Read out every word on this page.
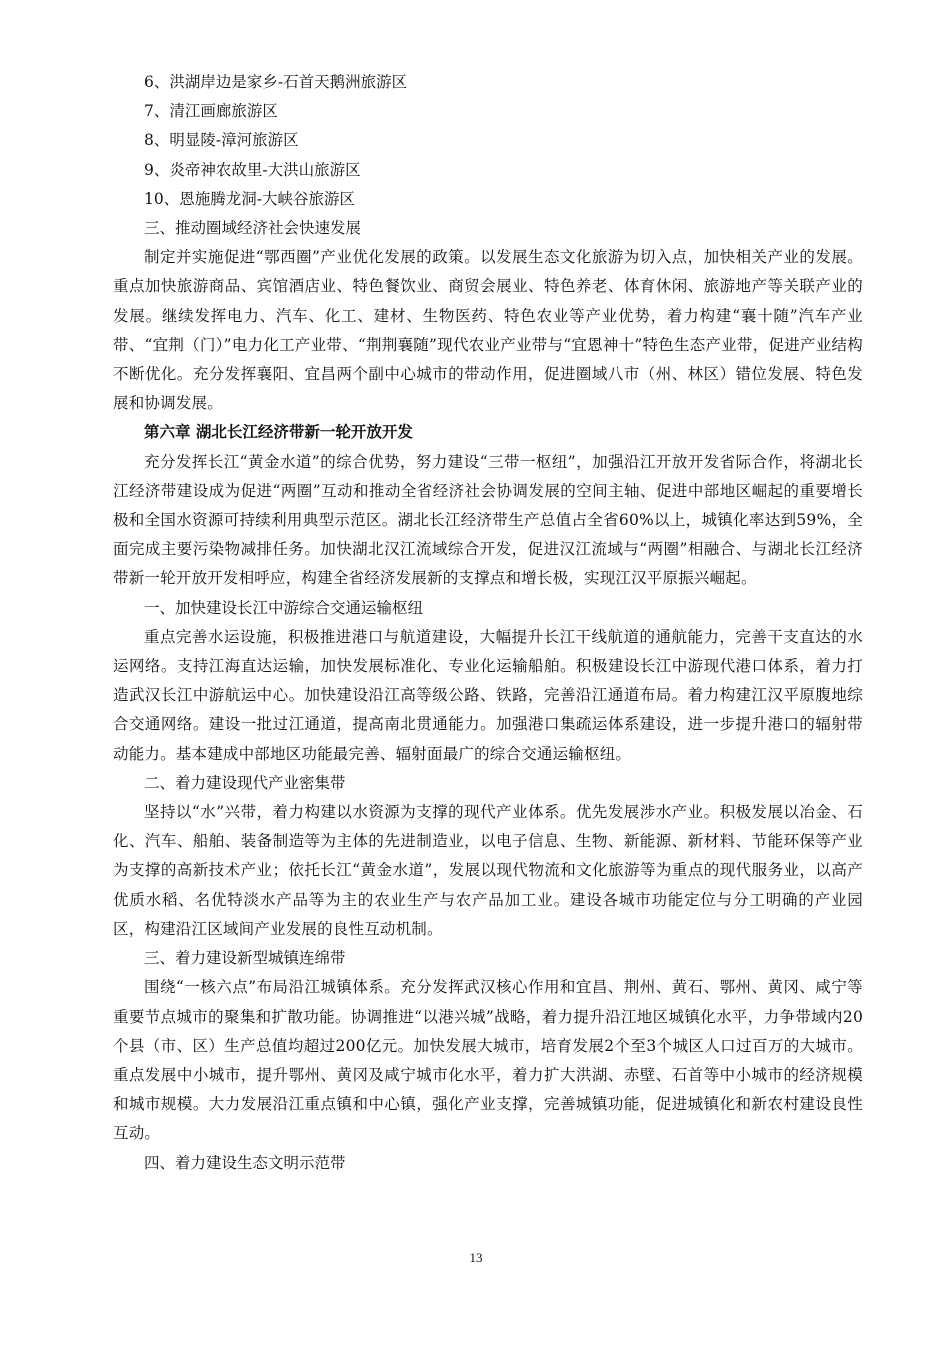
6、洪湖岸边是家乡-石首天鹅洲旅游区

7、清江画廊旅游区

8、明显陵-漳河旅游区

9、炎帝神农故里-大洪山旅游区

10、恩施腾龙洞-大峡谷旅游区

三、推动圈域经济社会快速发展

制定并实施促进“鄂西圈”产业优化发展的政策。以发展生态文化旅游为切入点，加快相关产业的发展。重点加快旅游商品、宾馆酒店业、特色餐饮业、商贸会展业、特色养老、体育休闲、旅游地产等关联产业的发展。继续发挥电力、汽车、化工、建材、生物医药、特色农业等产业优势，着力构建“襄十随”汽车产业带、“宜荆（门）”电力化工产业带、“荆荆襄随”现代农业产业带与“宜恩神十”特色生态产业带，促进产业结构不断优化。充分发挥襄阳、宜昌两个副中心城市的带动作用，促进圈域八市（州、林区）错位发展、特色发展和协调发展。

第六章 湖北长江经济带新一轮开放开发

充分发挥长江“黄金水道”的综合优势，努力建设“三带一枢纽”，加强沿江开放开发省际合作，将湖北长江经济带建设成为促进“两圈”互动和推动全省经济社会协调发展的空间主轴、促进中部地区崛起的重要增长极和全国水资源可持续利用典型示范区。湖北长江经济带生产总值占全省60%以上，城镇化率达到59%，全面完成主要污染物减排任务。加快湖北汉江流域综合开发，促进汉江流域与“两圈”相融合、与湖北长江经济带新一轮开放开发相呼应，构建全省经济发展新的支撑点和增长极，实现江汉平原振兴崛起。

一、加快建设长江中游综合交通运输枢纽

重点完善水运设施，积极推进港口与航道建设，大幅提升长江干线航道的通航能力，完善干支直达的水运网络。支持江海直达运输，加快发展标准化、专业化运输船舶。积极建设长江中游现代港口体系，着力打造武汉长江中游航运中心。加快建设沿江高等级公路、铁路，完善沿江通道布局。着力构建江汉平原腹地综合交通网络。建设一批过江通道，提高南北贯通能力。加强港口集疏运体系建设，进一步提升港口的辐射带动能力。基本建成中部地区功能最完善、辐射面最广的综合交通运输枢纽。

二、着力建设现代产业密集带

坚持以“水”兴带，着力构建以水资源为支撑的现代产业体系。优先发展涉水产业。积极发展以冶金、石化、汽车、船舶、装备制造等为主体的先进制造业，以电子信息、生物、新能源、新材料、节能环保等产业为支撑的高新技术产业；依托长江“黄金水道”，发展以现代物流和文化旅游等为重点的现代服务业，以高产优质水稻、名优特淡水产品等为主的农业生产与农产品加工业。建设各城市功能定位与分工明确的产业园区，构建沿江区域间产业发展的良性互动机制。

三、着力建设新型城镇连绵带

围绕“一核六点”布局沿江城镇体系。充分发挥武汉核心作用和宜昌、荆州、黄石、鄂州、黄冈、咸宁等重要节点城市的聚集和扩散功能。协调推进“以港兴城”战略，着力提升沿江地区城镇化水平，力争带域内20个县（市、区）生产总值均超过200亿元。加快发展大城市，培育发展2个至3个城区人口过百万的大城市。重点发展中小城市，提升鄂州、黄冈及咸宁城市化水平，着力扩大洪湖、赤壁、石首等中小城市的经济规模和城市规模。大力发展沿江重点镇和中心镇，强化产业支撑，完善城镇功能，促进城镇化和新农村建设良性互动。

四、着力建设生态文明示范带

13
